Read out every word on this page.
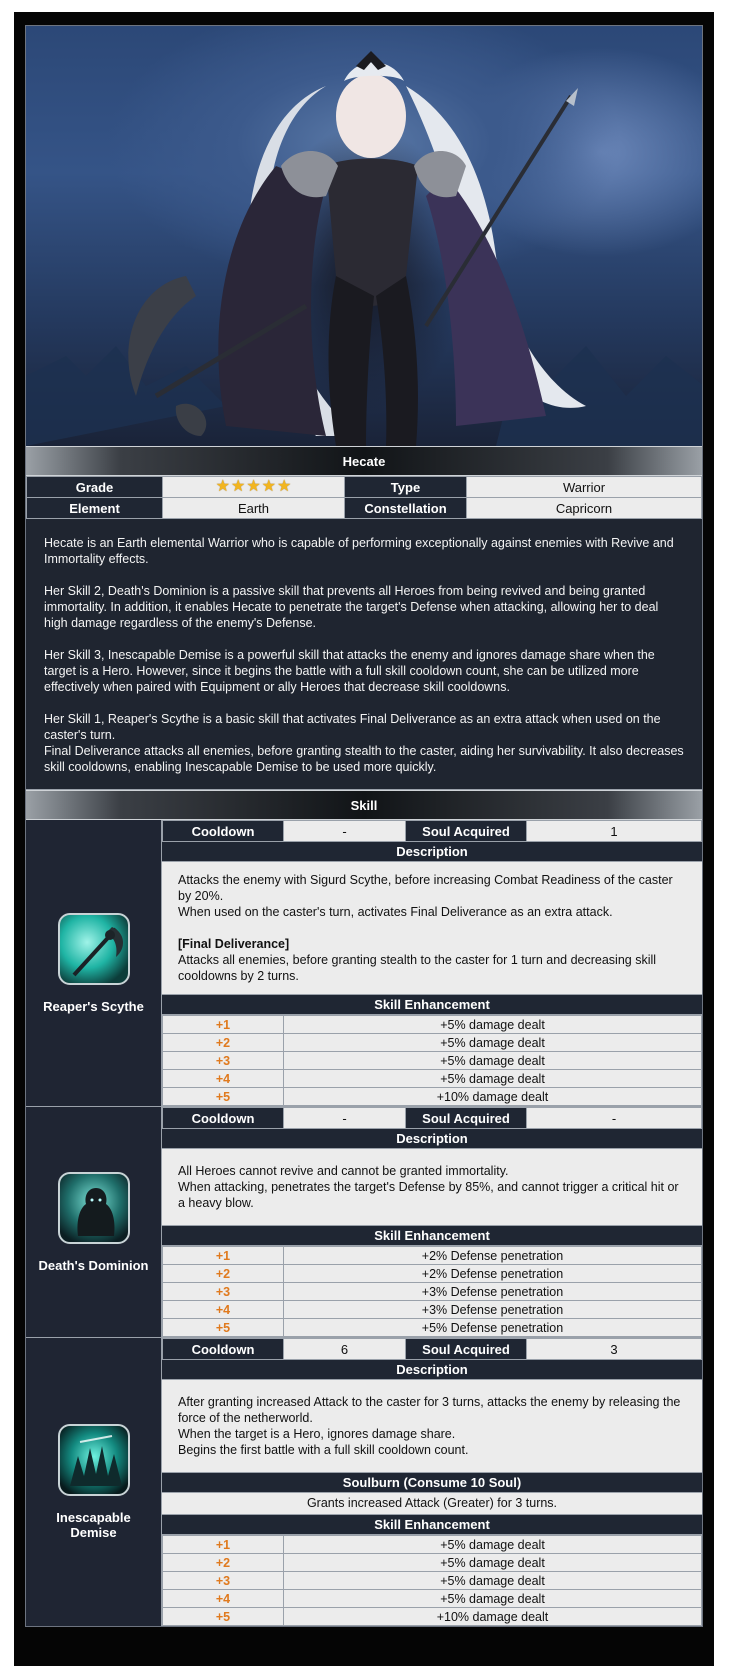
Hecate
Grade	★ ★ ★ ★ ★	Type	Warrior
Element	Earth	Constellation	Capricorn

Hecate is an Earth elemental Warrior who is capable of performing exceptionally against enemies with Revive and Immortality effects.

Her Skill 2, Death's Dominion is a passive skill that prevents all Heroes from being revived and being granted immortality. In addition, it enables Hecate to penetrate the target's Defense when attacking, allowing her to deal high damage regardless of the enemy's Defense.

Her Skill 3, Inescapable Demise is a powerful skill that attacks the enemy and ignores damage share when the target is a Hero. However, since it begins the battle with a full skill cooldown count, she can be utilized more effectively when paired with Equipment or ally Heroes that decrease skill cooldowns.

Her Skill 1, Reaper's Scythe is a basic skill that activates Final Deliverance as an extra attack when used on the caster's turn.

Final Deliverance attacks all enemies, before granting stealth to the caster, aiding her survivability. It also decreases skill cooldowns, enabling Inescapable Demise to be used more quickly.

Skill
Reaper's Scythe
Cooldown	-	Soul Acquired	1
Description
Attacks the enemy with Sigurd Scythe, before increasing Combat Readiness of the caster by 20%.
When used on the caster's turn, activates Final Deliverance as an extra attack.
[Final Deliverance]
Attacks all enemies, before granting stealth to the caster for 1 turn and decreasing skill cooldowns by 2 turns.
Skill Enhancement
+1	+5% damage dealt
+2	+5% damage dealt
+3	+5% damage dealt
+4	+5% damage dealt
+5	+10% damage dealt
Death's Dominion
Cooldown	-	Soul Acquired	-
Description
All Heroes cannot revive and cannot be granted immortality.
When attacking, penetrates the target's Defense by 85%, and cannot trigger a critical hit or a heavy blow.
Skill Enhancement
+1	+2% Defense penetration
+2	+2% Defense penetration
+3	+3% Defense penetration
+4	+3% Defense penetration
+5	+5% Defense penetration
Inescapable Demise
Cooldown	6	Soul Acquired	3
Description
After granting increased Attack to the caster for 3 turns, attacks the enemy by releasing the force of the netherworld.
When the target is a Hero, ignores damage share.
Begins the first battle with a full skill cooldown count.
Soulburn (Consume 10 Soul)
Grants increased Attack (Greater) for 3 turns.
Skill Enhancement
+1	+5% damage dealt
+2	+5% damage dealt
+3	+5% damage dealt
+4	+5% damage dealt
+5	+10% damage dealt
